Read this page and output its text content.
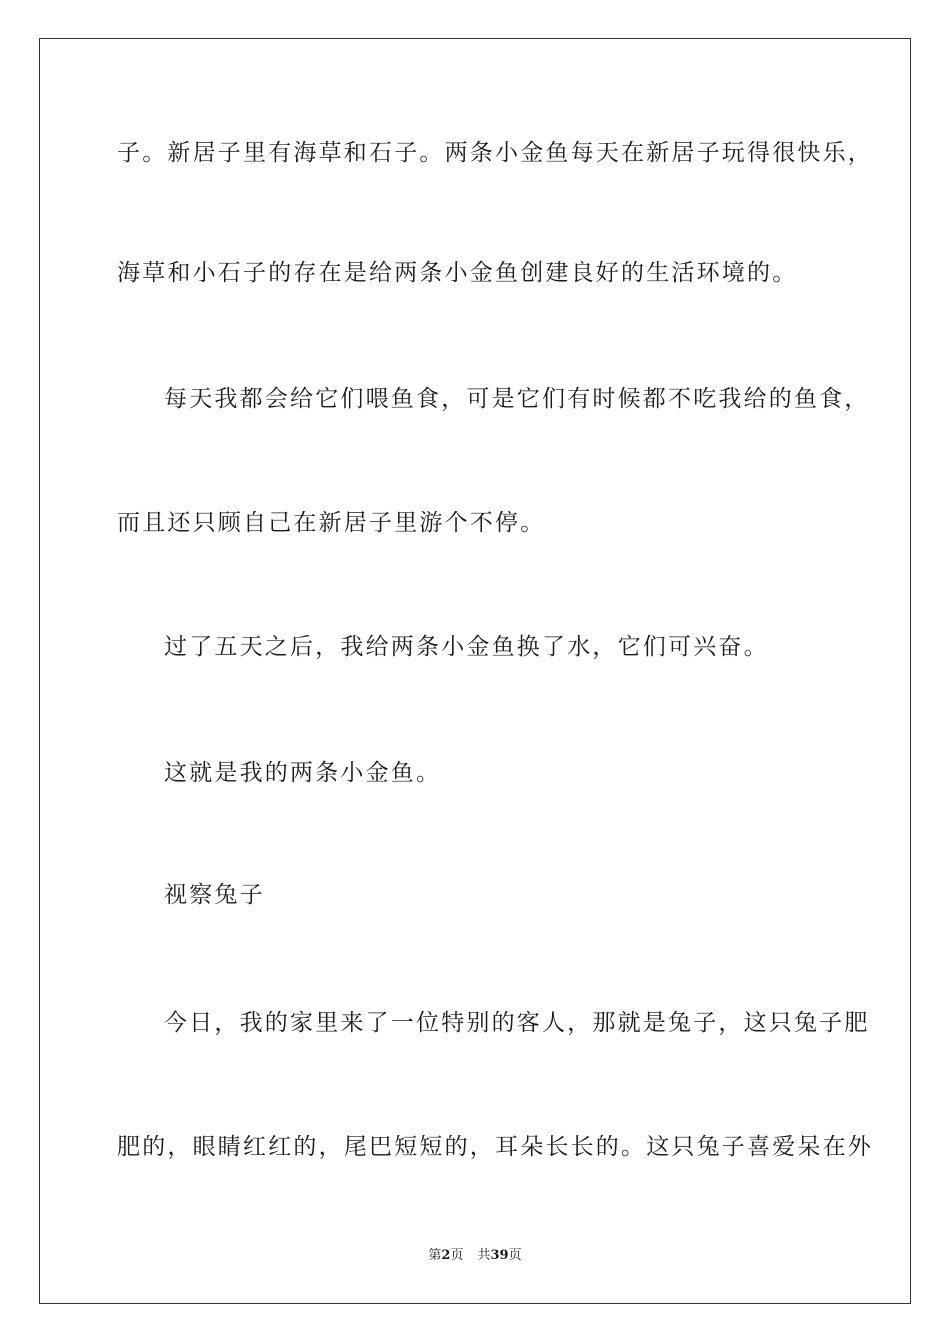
子。新居子里有海草和石子。两条小金鱼每天在新居子玩得很快乐，
海草和小石子的存在是给两条小金鱼创建良好的生活环境的。
每天我都会给它们喂鱼食，可是它们有时候都不吃我给的鱼食，
而且还只顾自己在新居子里游个不停。
过了五天之后，我给两条小金鱼换了水，它们可兴奋。
这就是我的两条小金鱼。
视察兔子
今日，我的家里来了一位特别的客人，那就是兔子，这只兔子肥
肥的，眼睛红红的，尾巴短短的，耳朵长长的。这只兔子喜爱呆在外
第2页 共39页
